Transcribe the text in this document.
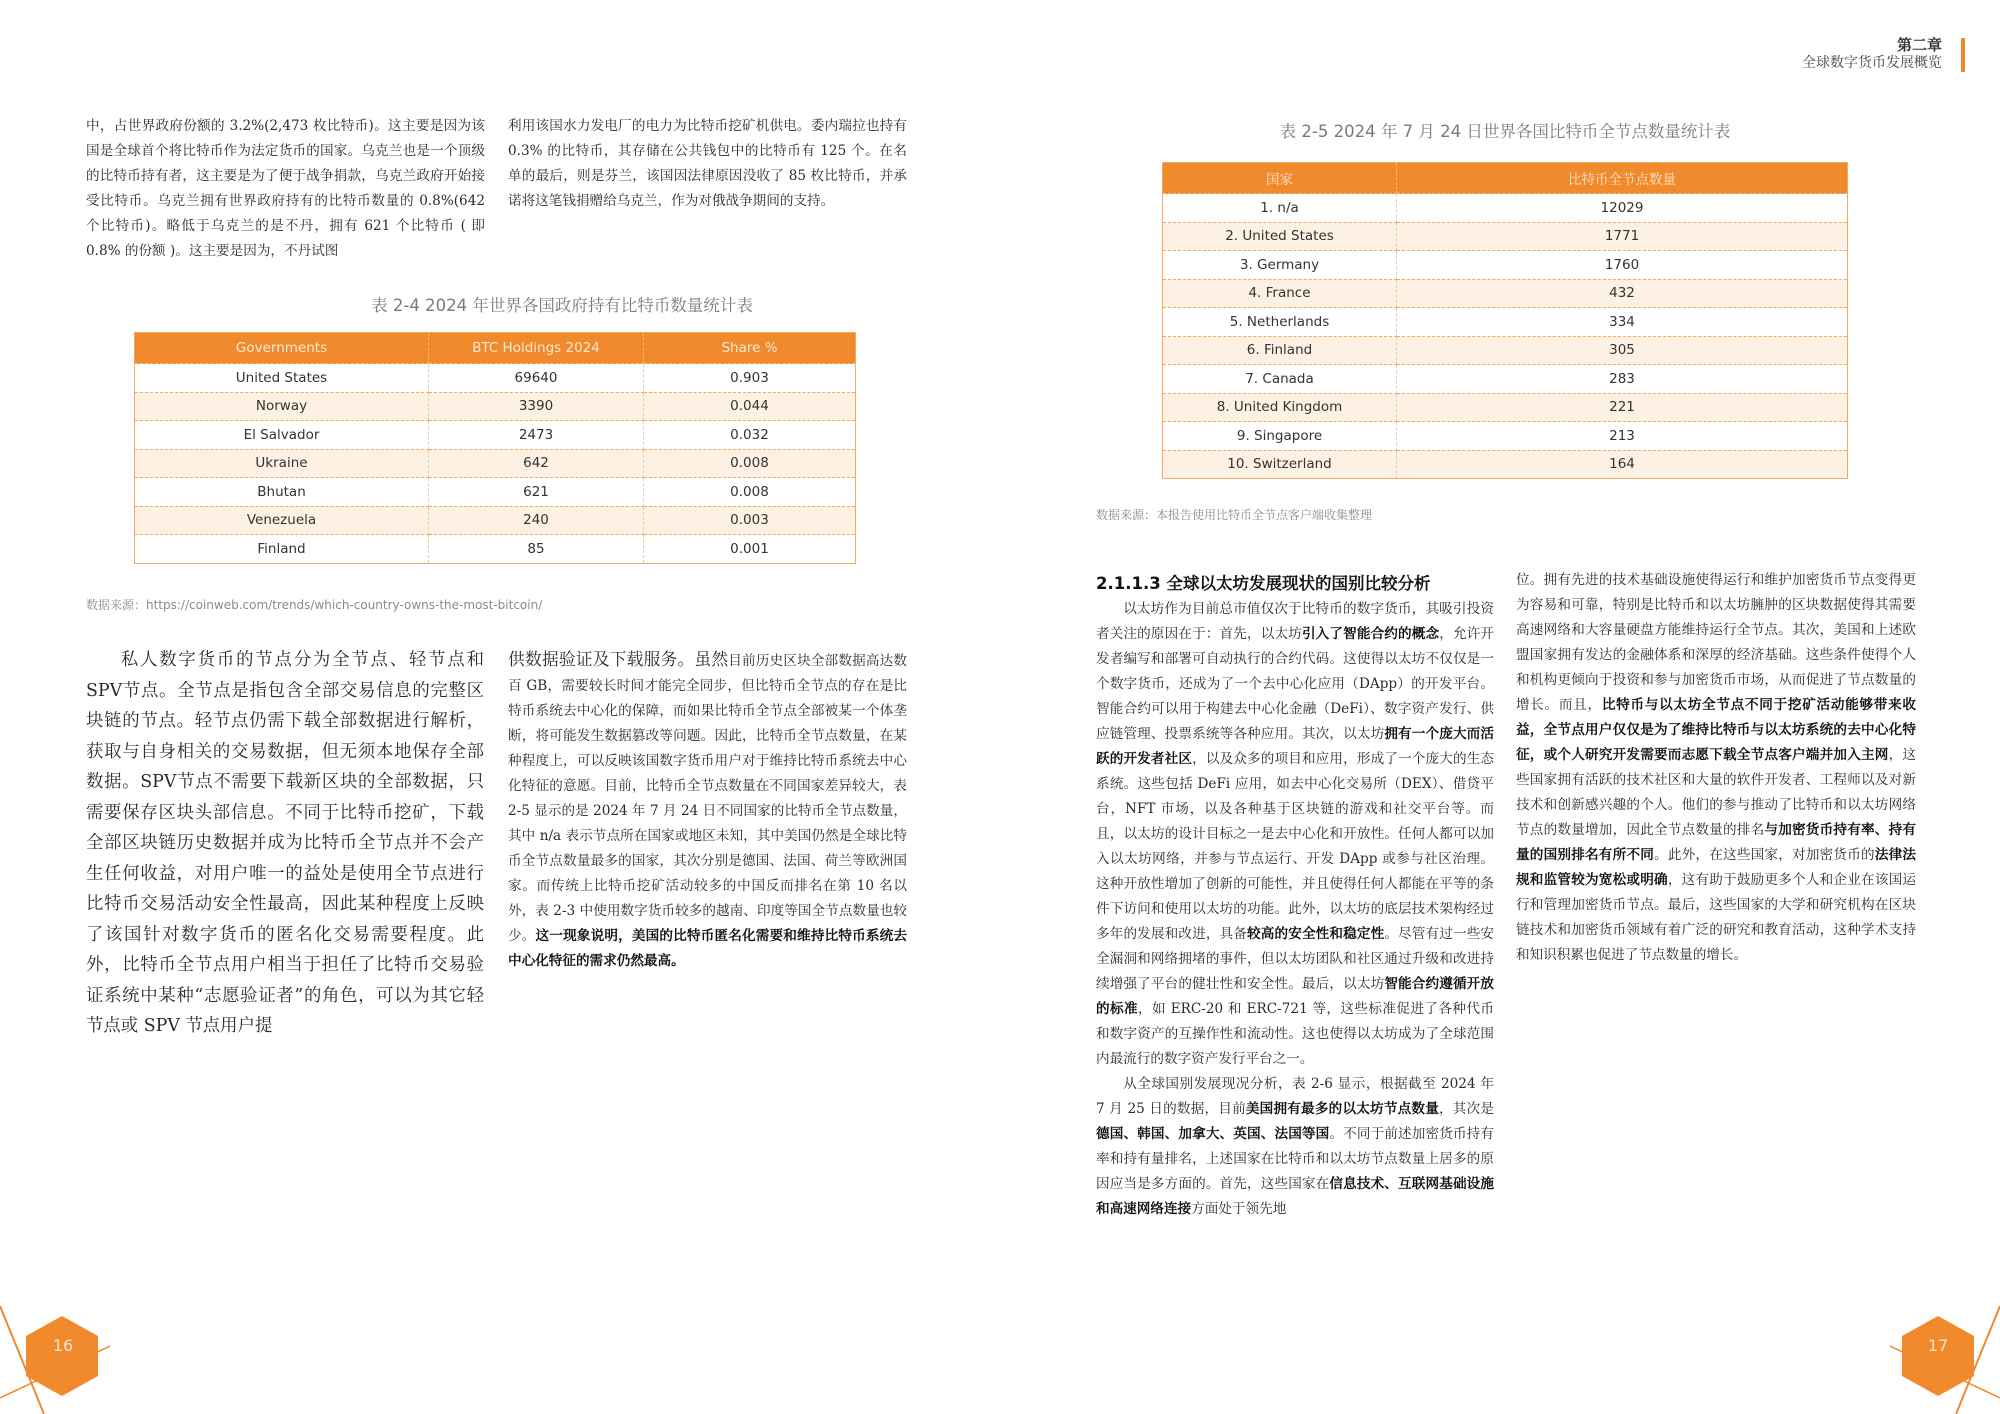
第二章
全球数字货币发展概览
中，占世界政府份额的 3.2%(2,473 枚比特币)。这主要是因为该国是全球首个将比特币作为法定货币的国家。乌克兰也是一个顶级的比特币持有者，这主要是为了便于战争捐款，乌克兰政府开始接受比特币。乌克兰拥有世界政府持有的比特币数量的 0.8%(642 个比特币)。略低于乌克兰的是不丹，拥有 621 个比特币 ( 即 0.8% 的份额 )。这主要是因为，不丹试图
利用该国水力发电厂的电力为比特币挖矿机供电。委内瑞拉也持有 0.3% 的比特币，其存储在公共钱包中的比特币有 125 个。在名单的最后，则是芬兰，该国因法律原因没收了 85 枚比特币，并承诺将这笔钱捐赠给乌克兰，作为对俄战争期间的支持。
表 2-4 2024 年世界各国政府持有比特币数量统计表
Governments	BTC Holdings 2024	Share %
United States	69640	0.903
Norway	3390	0.044
El Salvador	2473	0.032
Ukraine	642	0.008
Bhutan	621	0.008
Venezuela	240	0.003
Finland	85	0.001
数据来源：https://coinweb.com/trends/which-country-owns-the-most-bitcoin/
私人数字货币的节点分为全节点、轻节点和SPV节点。全节点是指包含全部交易信息的完整区块链的节点。轻节点仍需下载全部数据进行解析，获取与自身相关的交易数据，但无须本地保存全部数据。SPV节点不需要下载新区块的全部数据，只需要保存区块头部信息。不同于比特币挖矿，下载全部区块链历史数据并成为比特币全节点并不会产生任何收益，对用户唯一的益处是使用全节点进行比特币交易活动安全性最高，因此某种程度上反映了该国针对数字货币的匿名化交易需要程度。此外，比特币全节点用户相当于担任了比特币交易验证系统中某种“志愿验证者”的角色，可以为其它轻节点或 SPV 节点用户提
供数据验证及下载服务。虽然目前历史区块全部数据高达数百 GB，需要较长时间才能完全同步，但比特币全节点的存在是比特币系统去中心化的保障，而如果比特币全节点全部被某一个体垄断，将可能发生数据篡改等问题。因此，比特币全节点数量，在某种程度上，可以反映该国数字货币用户对于维持比特币系统去中心化特征的意愿。目前，比特币全节点数量在不同国家差异较大，表 2-5 显示的是 2024 年 7 月 24 日不同国家的比特币全节点数量，其中 n/a 表示节点所在国家或地区未知，其中美国仍然是全球比特币全节点数量最多的国家，其次分别是德国、法国、荷兰等欧洲国家。而传统上比特币挖矿活动较多的中国反而排名在第 10 名以外，表 2-3 中使用数字货币较多的越南、印度等国全节点数量也较少。这一现象说明，美国的比特币匿名化需要和维持比特币系统去中心化特征的需求仍然最高。
16
表 2-5 2024 年 7 月 24 日世界各国比特币全节点数量统计表
国家	比特币全节点数量
1. n/a	12029
2. United States	1771
3. Germany	1760
4. France	432
5. Netherlands	334
6. Finland	305
7. Canada	283
8. United Kingdom	221
9. Singapore	213
10. Switzerland	164
数据来源：本报告使用比特币全节点客户端收集整理
2.1.1.3 全球以太坊发展现状的国别比较分析

以太坊作为目前总市值仅次于比特币的数字货币，其吸引投资者关注的原因在于：首先，以太坊引入了智能合约的概念，允许开发者编写和部署可自动执行的合约代码。这使得以太坊不仅仅是一个数字货币，还成为了一个去中心化应用（DApp）的开发平台。智能合约可以用于构建去中心化金融（DeFi）、数字资产发行、供应链管理、投票系统等各种应用。其次，以太坊拥有一个庞大而活跃的开发者社区，以及众多的项目和应用，形成了一个庞大的生态系统。这些包括 DeFi 应用，如去中心化交易所（DEX）、借贷平台，NFT 市场，以及各种基于区块链的游戏和社交平台等。而且，以太坊的设计目标之一是去中心化和开放性。任何人都可以加入以太坊网络，并参与节点运行、开发 DApp 或参与社区治理。这种开放性增加了创新的可能性，并且使得任何人都能在平等的条件下访问和使用以太坊的功能。此外，以太坊的底层技术架构经过多年的发展和改进，具备较高的安全性和稳定性。尽管有过一些安全漏洞和网络拥堵的事件，但以太坊团队和社区通过升级和改进持续增强了平台的健壮性和安全性。最后，以太坊智能合约遵循开放的标准，如 ERC-20 和 ERC-721 等，这些标准促进了各种代币和数字资产的互操作性和流动性。这也使得以太坊成为了全球范围内最流行的数字资产发行平台之一。

从全球国别发展现况分析，表 2-6 显示，根据截至 2024 年 7 月 25 日的数据，目前美国拥有最多的以太坊节点数量，其次是德国、韩国、加拿大、英国、法国等国。不同于前述加密货币持有率和持有量排名，上述国家在比特币和以太坊节点数量上居多的原因应当是多方面的。首先，这些国家在信息技术、互联网基础设施和高速网络连接方面处于领先地

位。拥有先进的技术基础设施使得运行和维护加密货币节点变得更为容易和可靠，特别是比特币和以太坊臃肿的区块数据使得其需要高速网络和大容量硬盘方能维持运行全节点。其次，美国和上述欧盟国家拥有发达的金融体系和深厚的经济基础。这些条件使得个人和机构更倾向于投资和参与加密货币市场，从而促进了节点数量的增长。而且，比特币与以太坊全节点不同于挖矿活动能够带来收益，全节点用户仅仅是为了维持比特币与以太坊系统的去中心化特征，或个人研究开发需要而志愿下载全节点客户端并加入主网，这些国家拥有活跃的技术社区和大量的软件开发者、工程师以及对新技术和创新感兴趣的个人。他们的参与推动了比特币和以太坊网络节点的数量增加，因此全节点数量的排名与加密货币持有率、持有量的国别排名有所不同。此外，在这些国家，对加密货币的法律法规和监管较为宽松或明确，这有助于鼓励更多个人和企业在该国运行和管理加密货币节点。最后，这些国家的大学和研究机构在区块链技术和加密货币领域有着广泛的研究和教育活动，这种学术支持和知识积累也促进了节点数量的增长。
17
